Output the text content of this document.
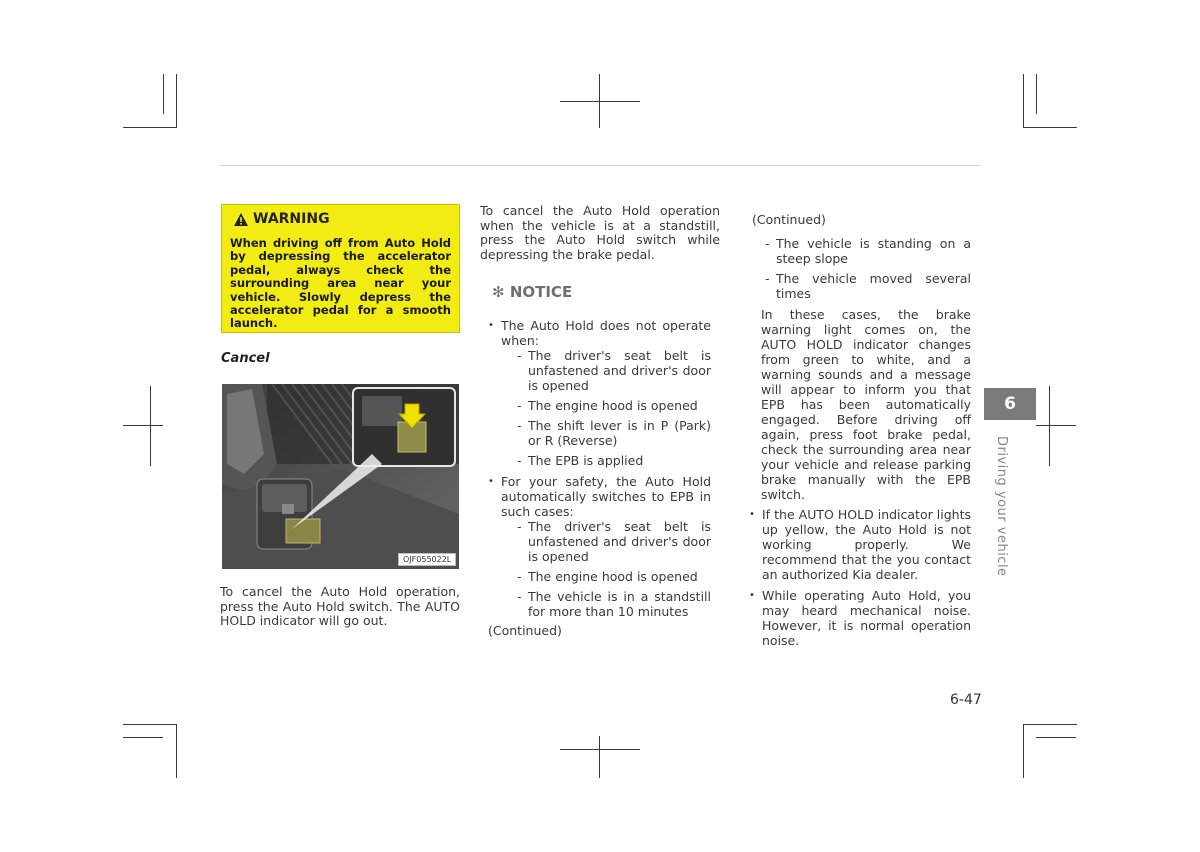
WARNING
When driving off from Auto Hold by depressing the accelerator pedal, always check the surrounding area near your vehicle. Slowly depress the accelerator pedal for a smooth launch.
Cancel
OJF055022L
To cancel the Auto Hold operation, press the Auto Hold switch. The AUTO HOLD indicator will go out.
To cancel the Auto Hold operation when the vehicle is at a standstill, press the Auto Hold switch while depressing the brake pedal.
✻ NOTICE
• The Auto Hold does not operate when:
- The driver's seat belt is unfastened and driver's door is opened
- The engine hood is opened
- The shift lever is in P (Park) or R (Reverse)
- The EPB is applied
• For your safety, the Auto Hold automatically switches to EPB in such cases:
- The driver's seat belt is unfastened and driver's door is opened
- The engine hood is opened
- The vehicle is in a standstill for more than 10 minutes
(Continued)
(Continued)
- The vehicle is standing on a steep slope
- The vehicle moved several times
In these cases, the brake warning light comes on, the AUTO HOLD indicator changes from green to white, and a warning sounds and a message will appear to inform you that EPB has been automatically engaged. Before driving off again, press foot brake pedal, check the surrounding area near your vehicle and release parking brake manually with the EPB switch.
• If the AUTO HOLD indicator lights up yellow, the Auto Hold is not working properly. We recommend that the you contact an authorized Kia dealer.
• While operating Auto Hold, you may heard mechanical noise. However, it is normal operation noise.
6
Driving your vehicle
6-47
